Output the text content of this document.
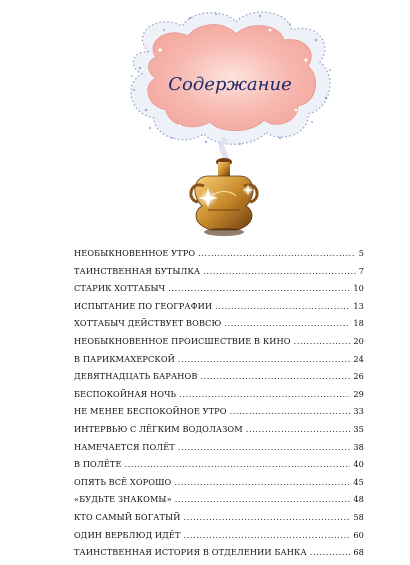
Содержание
НЕОБЫКНОВЕННОЕ УТРО .....	5
ТАИНСТВЕННАЯ БУТЫЛКА .....	7
СТАРИК ХОТТАБЫЧ .....	10
ИСПЫТАНИЕ ПО ГЕОГРАФИИ .....	13
ХОТТАБЫЧ ДЕЙСТВУЕТ ВОВСЮ .....	18
НЕОБЫКНОВЕННОЕ ПРОИСШЕСТВИЕ В КИНО .....	20
В ПАРИКМАХЕРСКОЙ .....	24
ДЕВЯТНАДЦАТЬ БАРАНОВ .....	26
БЕСПОКОЙНАЯ НОЧЬ .....	29
НЕ МЕНЕЕ БЕСПОКОЙНОЕ УТРО .....	33
ИНТЕРВЬЮ С ЛЁГКИМ ВОДОЛАЗОМ .....	35
НАМЕЧАЕТСЯ ПОЛЁТ .....	38
В ПОЛЁТЕ .....	40
ОПЯТЬ ВСЁ ХОРОШО .....	45
«БУДЬТЕ ЗНАКОМЫ» .....	48
КТО САМЫЙ БОГАТЫЙ .....	58
ОДИН ВЕРБЛЮД ИДЁТ .....	60
ТАИНСТВЕННАЯ ИСТОРИЯ В ОТДЕЛЕНИИ БАНКА .....	68
